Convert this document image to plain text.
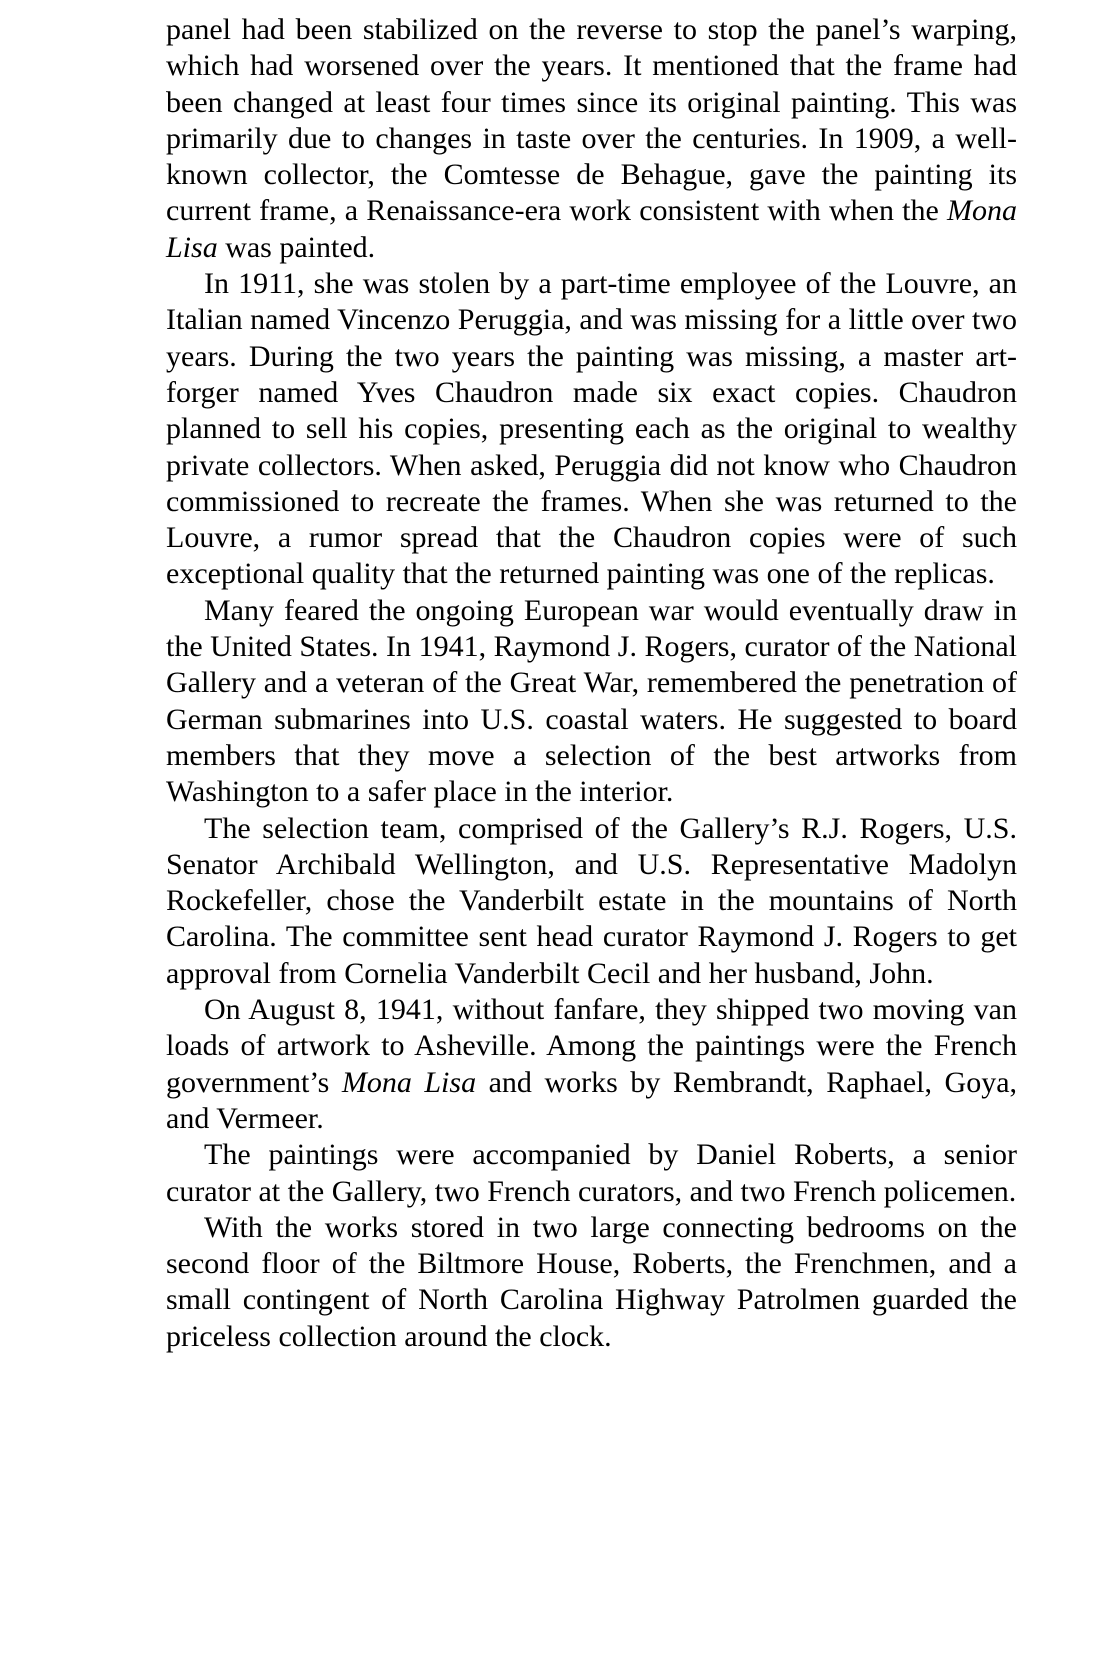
panel had been stabilized on the reverse to stop the panel’s warping, which had worsened over the years. It mentioned that the frame had been changed at least four times since its original painting. This was primarily due to changes in taste over the centuries. In 1909, a well-known collector, the Comtesse de Behague, gave the painting its current frame, a Renaissance-era work consistent with when the Mona Lisa was painted.

In 1911, she was stolen by a part-time employee of the Louvre, an Italian named Vincenzo Peruggia, and was missing for a little over two years. During the two years the painting was missing, a master art-forger named Yves Chaudron made six exact copies. Chaudron planned to sell his copies, presenting each as the original to wealthy private collectors. When asked, Peruggia did not know who Chaudron commissioned to recreate the frames. When she was returned to the Louvre, a rumor spread that the Chaudron copies were of such exceptional quality that the returned painting was one of the replicas.

Many feared the ongoing European war would eventually draw in the United States. In 1941, Raymond J. Rogers, curator of the National Gallery and a veteran of the Great War, remembered the penetration of German submarines into U.S. coastal waters. He suggested to board members that they move a selection of the best artworks from Washington to a safer place in the interior.

The selection team, comprised of the Gallery’s R.J. Rogers, U.S. Senator Archibald Wellington, and U.S. Representative Madolyn Rockefeller, chose the Vanderbilt estate in the mountains of North Carolina. The committee sent head curator Raymond J. Rogers to get approval from Cornelia Vanderbilt Cecil and her husband, John.

On August 8, 1941, without fanfare, they shipped two moving van loads of artwork to Asheville. Among the paintings were the French government’s Mona Lisa and works by Rembrandt, Raphael, Goya, and Vermeer.

The paintings were accompanied by Daniel Roberts, a senior curator at the Gallery, two French curators, and two French policemen.

With the works stored in two large connecting bedrooms on the second floor of the Biltmore House, Roberts, the Frenchmen, and a small contingent of North Carolina Highway Patrolmen guarded the priceless collection around the clock.
